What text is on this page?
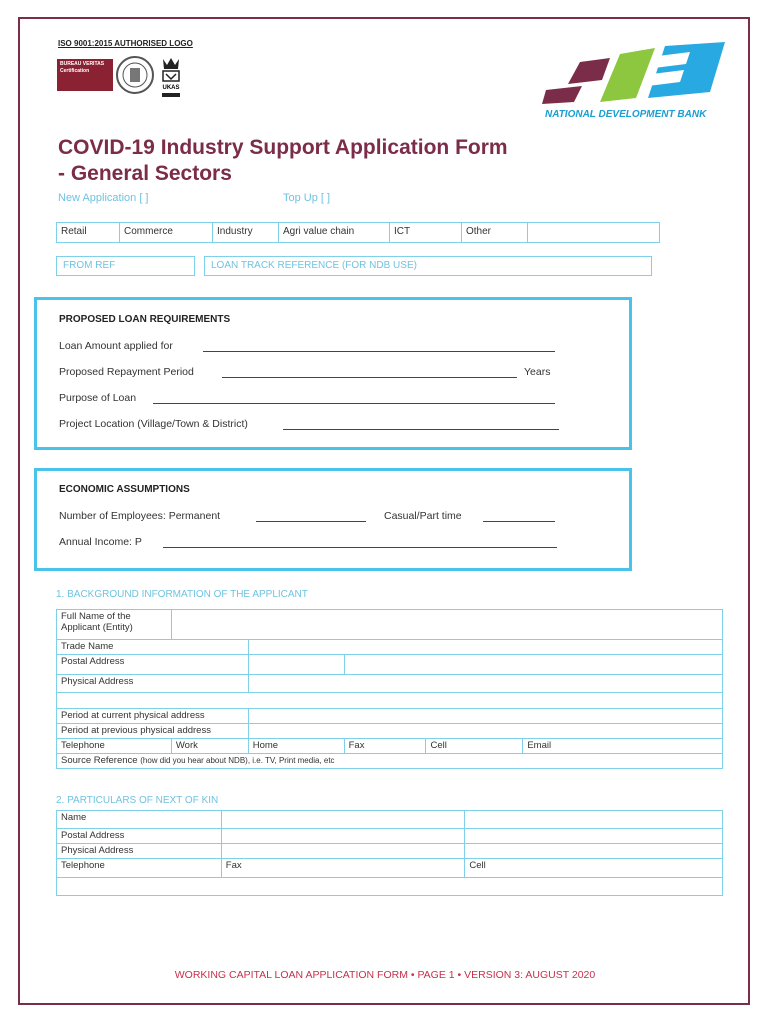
ISO 9001:2015 AUTHORISED LOGO
BUREAU VERITAS
Certification
UKAS
NATIONAL DEVELOPMENT BANK
COVID-19 Industry Support Application Form
- General Sectors
New Application [ ]	Top Up [ ]
Retail	Commerce	Industry	Agri value chain	ICT	Other
FROM REF	LOAN TRACK REFERENCE (FOR NDB USE)
PROPOSED LOAN REQUIREMENTS
Loan Amount applied for
Proposed Repayment Period	Years
Purpose of Loan
Project Location (Village/Town & District)
ECONOMIC ASSUMPTIONS
Number of Employees: Permanent	Casual/Part time
Annual Income: P
1. BACKGROUND INFORMATION OF THE APPLICANT
Full Name of the Applicant (Entity)					
Trade Name					
Postal Address					
Physical Address					

Period at current physical address					
Period at previous physical address					
Telephone	Work	Home	Fax	Cell	Email
Source Reference (how did you hear about NDB), i.e. TV, Print media, etc					
2. PARTICULARS OF NEXT OF KIN
Name		
Postal Address		
Physical Address		
Telephone	Fax	Cell

WORKING CAPITAL LOAN APPLICATION FORM • PAGE 1 • VERSION 3: AUGUST 2020
